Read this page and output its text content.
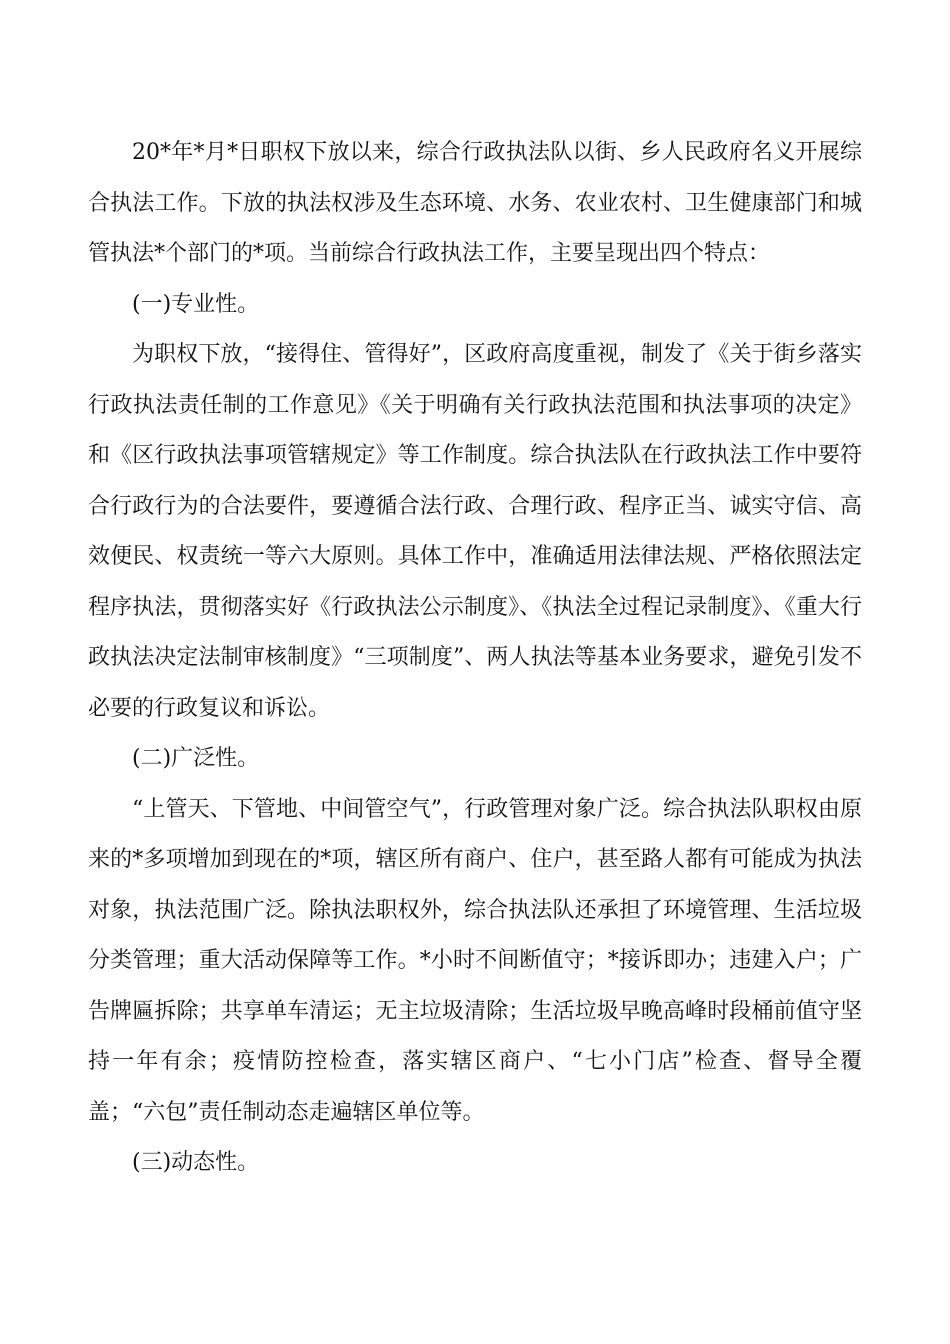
20*年*月*日职权下放以来，综合行政执法队以街、乡人民政府名义开展综合执法工作。下放的执法权涉及生态环境、水务、农业农村、卫生健康部门和城管执法*个部门的*项。当前综合行政执法工作，主要呈现出四个特点：

(一)专业性。

为职权下放，“接得住、管得好”，区政府高度重视，制发了《关于街乡落实行政执法责任制的工作意见》《关于明确有关行政执法范围和执法事项的决定》和《区行政执法事项管辖规定》等工作制度。综合执法队在行政执法工作中要符合行政行为的合法要件，要遵循合法行政、合理行政、程序正当、诚实守信、高效便民、权责统一等六大原则。具体工作中，准确适用法律法规、严格依照法定程序执法，贯彻落实好《行政执法公示制度》、《执法全过程记录制度》、《重大行政执法决定法制审核制度》“三项制度”、两人执法等基本业务要求，避免引发不必要的行政复议和诉讼。

(二)广泛性。

“上管天、下管地、中间管空气”，行政管理对象广泛。综合执法队职权由原来的*多项增加到现在的*项，辖区所有商户、住户，甚至路人都有可能成为执法对象，执法范围广泛。除执法职权外，综合执法队还承担了环境管理、生活垃圾分类管理；重大活动保障等工作。*小时不间断值守；*接诉即办；违建入户；广告牌匾拆除；共享单车清运；无主垃圾清除；生活垃圾早晚高峰时段桶前值守坚持一年有余；疫情防控检查，落实辖区商户、“七小门店”检查、督导全覆盖；“六包”责任制动态走遍辖区单位等。

(三)动态性。
